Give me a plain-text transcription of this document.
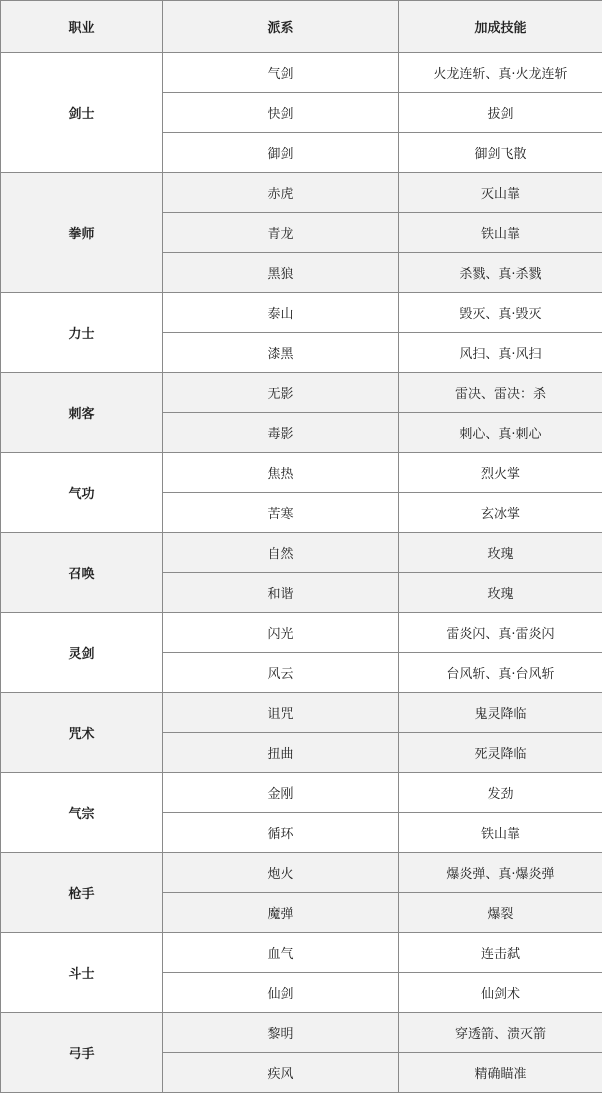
职业	派系	加成技能
剑士	气剑	火龙连斩、真·火龙连斩
	快剑	拔剑
	御剑	御剑飞散
拳师	赤虎	灭山靠
	青龙	铁山靠
	黑狼	杀戮、真·杀戮
力士	泰山	毁灭、真·毁灭
	漆黑	风扫、真·风扫
刺客	无影	雷决、雷决：杀
	毒影	刺心、真·刺心
气功	焦热	烈火掌
	苦寒	玄冰掌
召唤	自然	玫瑰
	和谐	玫瑰
灵剑	闪光	雷炎闪、真·雷炎闪
	风云	台风斩、真·台风斩
咒术	诅咒	鬼灵降临
	扭曲	死灵降临
气宗	金刚	发劲
	循环	铁山靠
枪手	炮火	爆炎弹、真·爆炎弹
	魔弹	爆裂
斗士	血气	连击弑
	仙剑	仙剑术
弓手	黎明	穿透箭、溃灭箭
	疾风	精确瞄准
